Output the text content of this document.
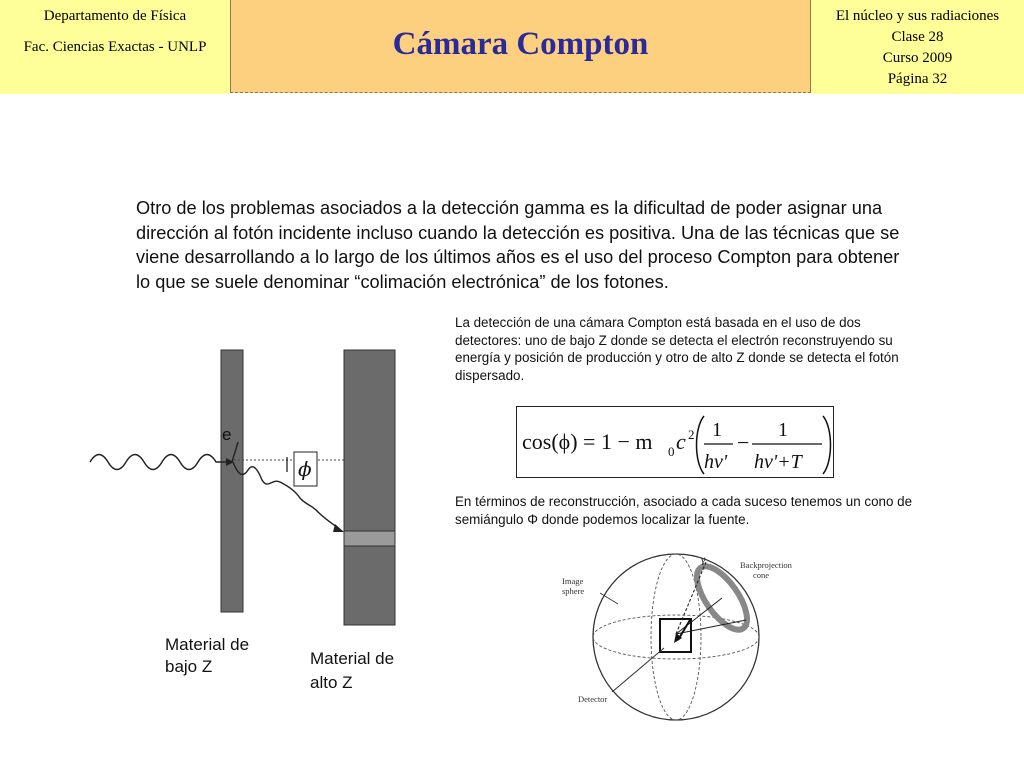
Departamento de Física
Fac. Ciencias Exactas - UNLP	Cámara Compton
El núcleo y sus radiaciones
Clase 28
Curso 2009
Página 32

Otro de los problemas asociados a la detección gamma es la dificultad de poder asignar una dirección al fotón incidente incluso cuando la detección es positiva. Una de las técnicas que se viene desarrollando a lo largo de los últimos años es el uso del proceso Compton para obtener lo que se suele denominar “colimación electrónica” de los fotones.

La detección de una cámara Compton está basada en el uso de dos detectores: uno de bajo Z donde se detecta el electrón reconstruyendo su energía y posición de producción y otro de alto Z donde se detecta el fotón dispersado.

En términos de reconstrucción, asociado a cada suceso tenemos un cono de semiángulo Φ donde podemos localizar la fuente.

γ
Image
sphere
Backprojection
cone
Detector
e
ϕ
Material de
bajo Z	Material de
alto Z
cos(ϕ) = 1 − m 0 c 2 1
hv'
− 1
hv'+T
